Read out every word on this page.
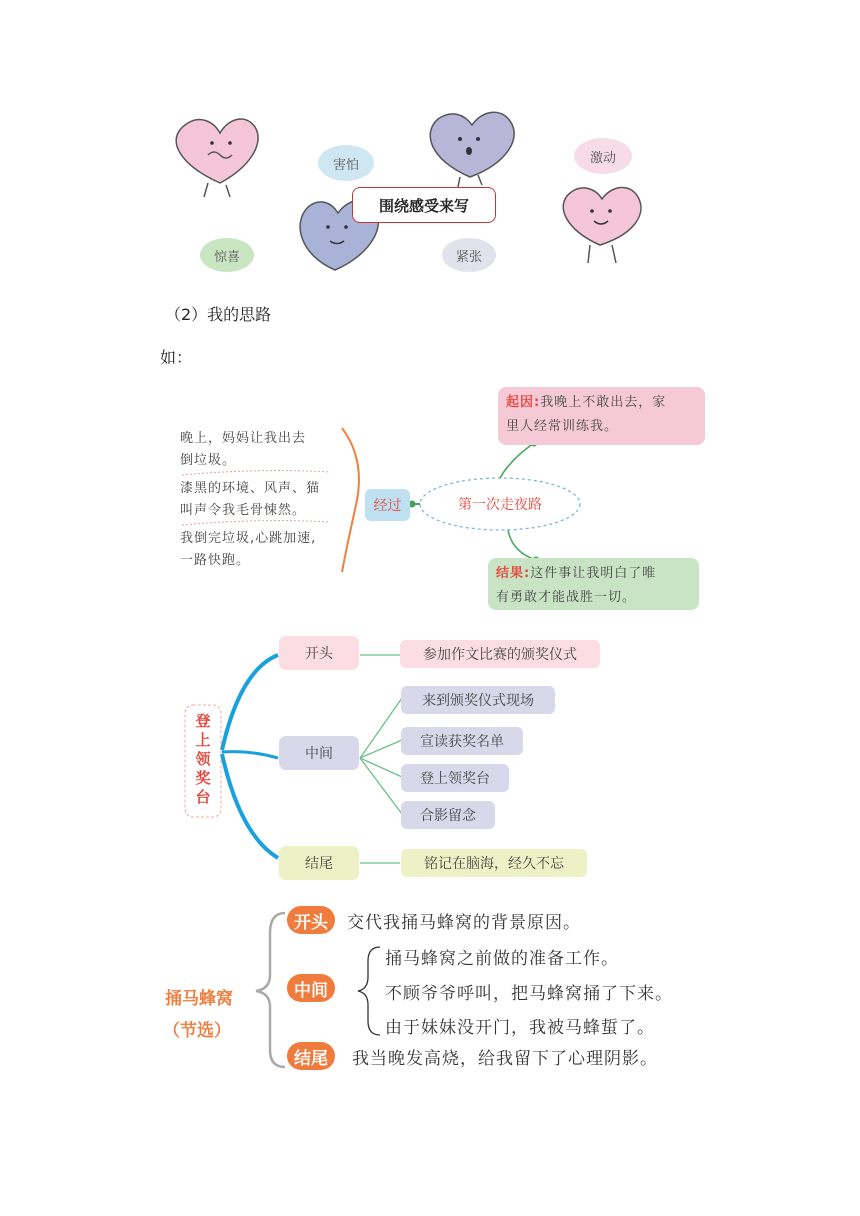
害怕	激动
惊喜	紧张
围绕感受来写
（2）我的思路
如：
晚上，妈妈让我出去
倒垃圾。
漆黑的环境、风声、猫
叫声令我毛骨悚然。
我倒完垃圾,心跳加速,
一路快跑。
经过	第一次走夜路
起因:我晚上不敢出去，家
里人经常训练我。
结果:这件事让我明白了唯
有勇敢才能战胜一切。
登上领奖台
开头
中间
结尾
参加作文比赛的颁奖仪式
来到颁奖仪式现场
宣读获奖名单
登上领奖台
合影留念
铭记在脑海，经久不忘
捅马蜂窝
（节选）
开头	交代我捅马蜂窝的背景原因。
中间
捅马蜂窝之前做的准备工作。
不顾爷爷呼叫，把马蜂窝捅了下来。
由于妹妹没开门，我被马蜂蜇了。
结尾	我当晚发高烧，给我留下了心理阴影。
